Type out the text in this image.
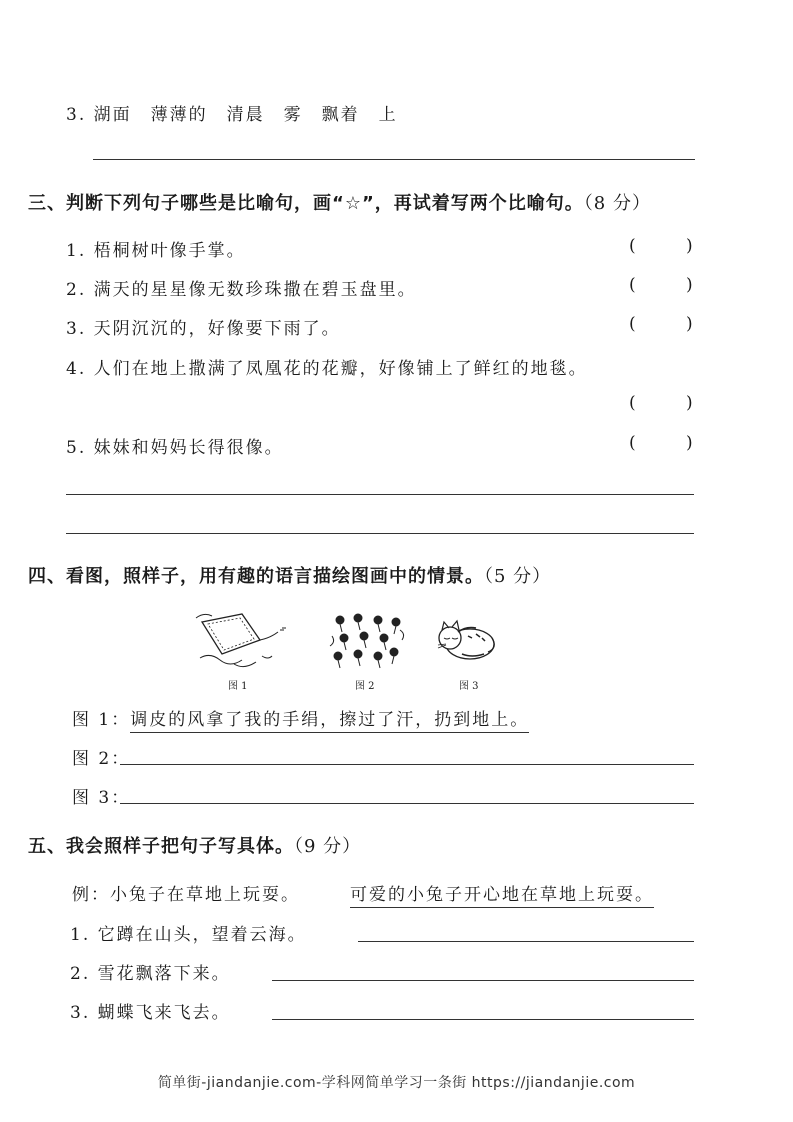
3. 湖面　薄薄的　清晨　雾　飘着　上
三、判断下列句子哪些是比喻句，画“☆”，再试着写两个比喻句。（8 分）
1. 梧桐树叶像手掌。	(	)
2. 满天的星星像无数珍珠撒在碧玉盘里。	(	)
3. 天阴沉沉的，好像要下雨了。	(	)
4. 人们在地上撒满了凤凰花的花瓣，好像铺上了鲜红的地毯。
(	)
5. 妹妹和妈妈长得很像。	(	)
四、看图，照样子，用有趣的语言描绘图画中的情景。（5 分）
图 1	图 2	图 3
图 1：调皮的风拿了我的手绢，擦过了汗，扔到地上。
图 2：
图 3：
五、我会照样子把句子写具体。（9 分）
例：小兔子在草地上玩耍。	可爱的小兔子开心地在草地上玩耍。
1. 它蹲在山头，望着云海。
2. 雪花飘落下来。
3. 蝴蝶飞来飞去。
简单街-jiandanjie.com-学科网简单学习一条街 https://jiandanjie.com
